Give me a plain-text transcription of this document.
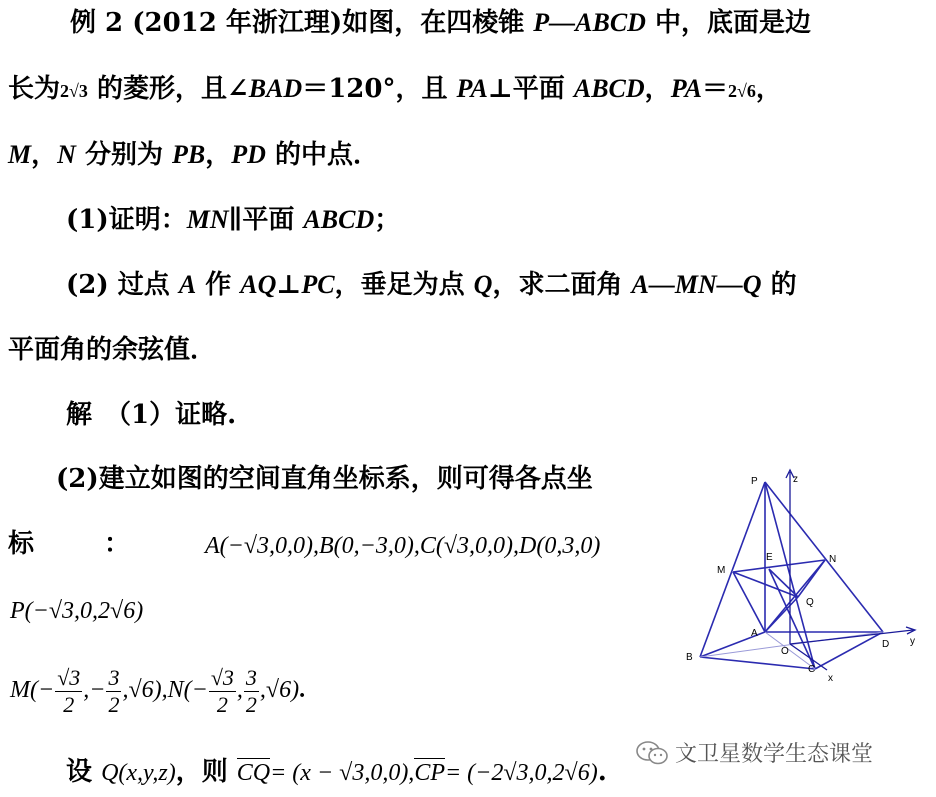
例 2 (2012 年浙江理)如图，在四棱锥 P—ABCD 中，底面是边
长为2√3 的菱形，且∠BAD＝120°，且 PA⊥平面 ABCD，PA＝2√6，
M，N 分别为 PB，PD 的中点．
(1)证明：MN∥平面 ABCD；
(2) 过点 A 作 AQ⊥PC，垂足为点 Q，求二面角 A—MN—Q 的
平面角的余弦值．
解　（1）证略.
(2)建立如图的空间直角坐标系，则可得各点坐
标	：	A(−√3,0,0),B(0,−3,0),C(√3,0,0),D(0,3,0)
P(−√3,0,2√6)
$M(- \frac{√3}{2}$ ,− $\frac{3}{2} ,√6),N(- \frac{√3}{2}$ , $\frac{3}{2} ,√6$).
设 Q(x,y,z)，则 CQ= (x − √3,0,0),CP= (−2√3,0,2√6).
P	z
E	N
M
Q
A
O
D y
B
C
x
文卫星数学生态课堂
